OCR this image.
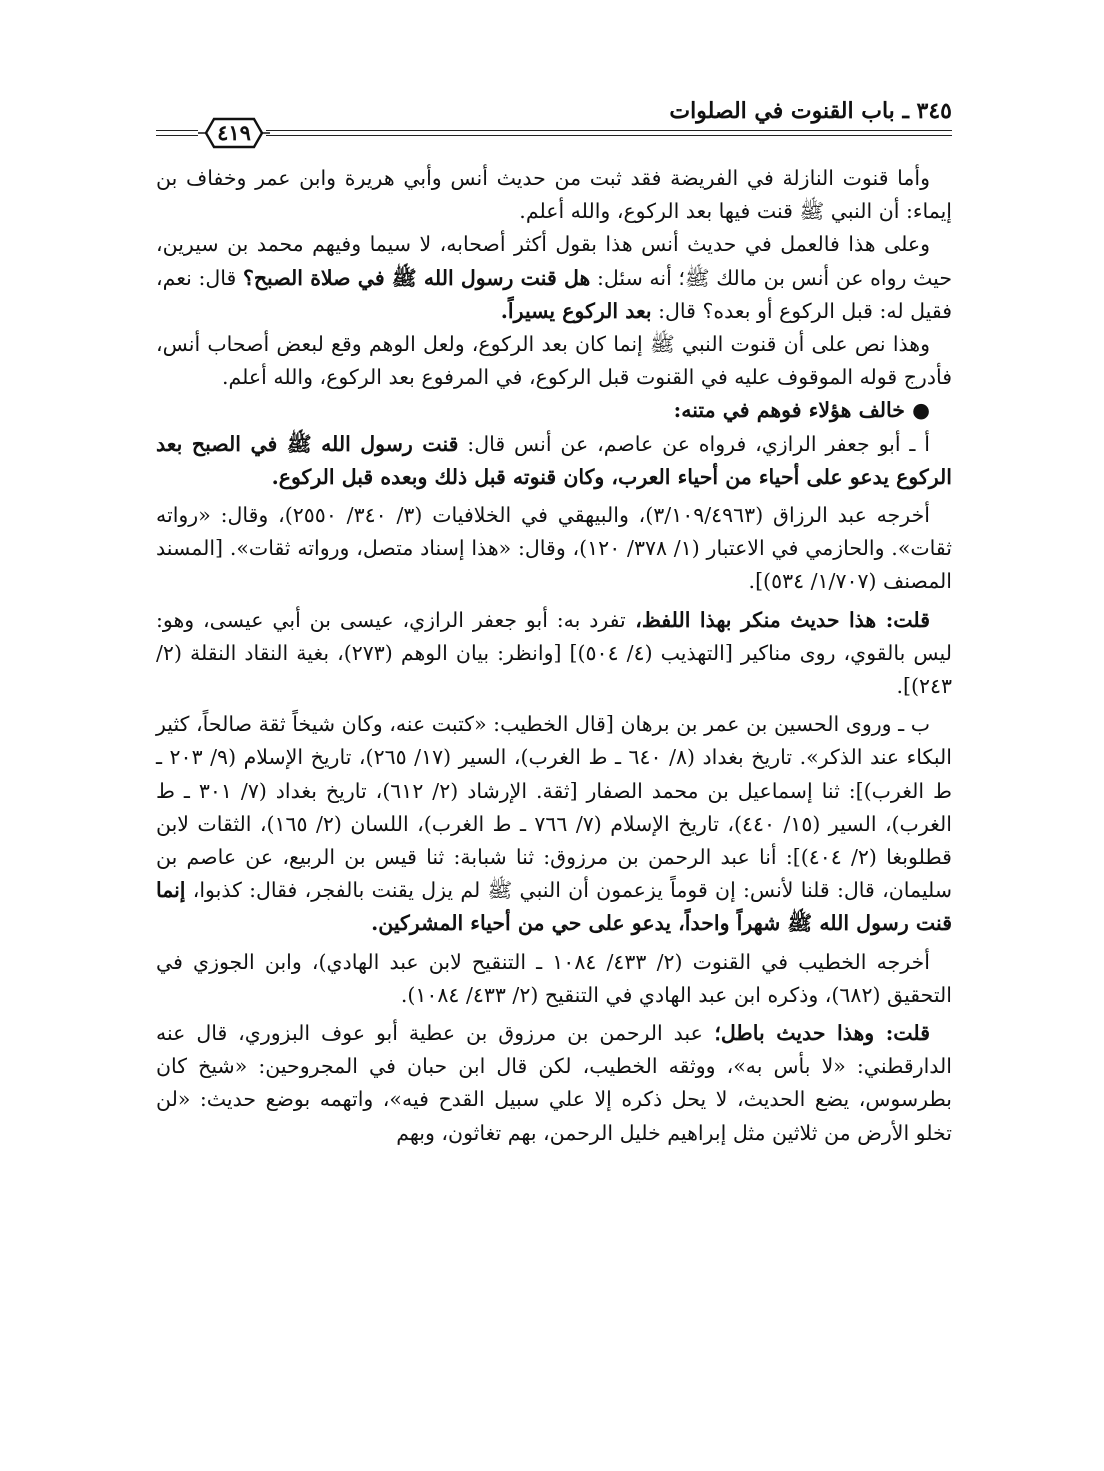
٣٤٥ ـ باب القنوت في الصلوات
٤١٩

وأما قنوت النازلة في الفريضة فقد ثبت من حديث أنس وأبي هريرة وابن عمر وخفاف بن إيماء: أن النبي ﷺ قنت فيها بعد الركوع، والله أعلم.

وعلى هذا فالعمل في حديث أنس هذا بقول أكثر أصحابه، لا سيما وفيهم محمد بن سيرين، حيث رواه عن أنس بن مالك ﷺ؛ أنه سئل: هل قنت رسول الله ﷺ في صلاة الصبح؟ قال: نعم، فقيل له: قبل الركوع أو بعده؟ قال: بعد الركوع يسيراً.

وهذا نص على أن قنوت النبي ﷺ إنما كان بعد الركوع، ولعل الوهم وقع لبعض أصحاب أنس، فأدرج قوله الموقوف عليه في القنوت قبل الركوع، في المرفوع بعد الركوع، والله أعلم.

● خالف هؤلاء فوهم في متنه:

أ ـ أبو جعفر الرازي، فرواه عن عاصم، عن أنس قال: قنت رسول الله ﷺ في الصبح بعد الركوع يدعو على أحياء من أحياء العرب، وكان قنوته قبل ذلك وبعده قبل الركوع.

أخرجه عبد الرزاق (٣/١٠٩/٤٩٦٣)، والبيهقي في الخلافيات (٣/ ٣٤٠/ ٢٥٥٠)، وقال: «رواته ثقات». والحازمي في الاعتبار (١/ ٣٧٨/ ١٢٠)، وقال: «هذا إسناد متصل، ورواته ثقات». [المسند المصنف (١/٧٠٧/ ٥٣٤)].

قلت: هذا حديث منكر بهذا اللفظ، تفرد به: أبو جعفر الرازي، عيسى بن أبي عيسى، وهو: ليس بالقوي، روى مناكير [التهذيب (٤/ ٥٠٤)] [وانظر: بيان الوهم (٢٧٣)، بغية النقاد النقلة (٢/ ٢٤٣)].

ب ـ وروى الحسين بن عمر بن برهان [قال الخطيب: «كتبت عنه، وكان شيخاً ثقة صالحاً، كثير البكاء عند الذكر». تاريخ بغداد (٨/ ٦٤٠ ـ ط الغرب)، السير (١٧/ ٢٦٥)، تاريخ الإسلام (٩/ ٢٠٣ ـ ط الغرب)]: ثنا إسماعيل بن محمد الصفار [ثقة. الإرشاد (٢/ ٦١٢)، تاريخ بغداد (٧/ ٣٠١ ـ ط الغرب)، السير (١٥/ ٤٤٠)، تاريخ الإسلام (٧/ ٧٦٦ ـ ط الغرب)، اللسان (٢/ ١٦٥)، الثقات لابن قطلوبغا (٢/ ٤٠٤)]: أنا عبد الرحمن بن مرزوق: ثنا شبابة: ثنا قيس بن الربيع، عن عاصم بن سليمان، قال: قلنا لأنس: إن قوماً يزعمون أن النبي ﷺ لم يزل يقنت بالفجر، فقال: كذبوا، إنما قنت رسول الله ﷺ شهراً واحداً، يدعو على حي من أحياء المشركين.

أخرجه الخطيب في القنوت (٢/ ٤٣٣/ ١٠٨٤ ـ التنقيح لابن عبد الهادي)، وابن الجوزي في التحقيق (٦٨٢)، وذكره ابن عبد الهادي في التنقيح (٢/ ٤٣٣/ ١٠٨٤).

قلت: وهذا حديث باطل؛ عبد الرحمن بن مرزوق بن عطية أبو عوف البزوري، قال عنه الدارقطني: «لا بأس به»، ووثقه الخطيب، لكن قال ابن حبان في المجروحين: «شيخ كان بطرسوس، يضع الحديث، لا يحل ذكره إلا علي سبيل القدح فيه»، واتهمه بوضع حديث: «لن تخلو الأرض من ثلاثين مثل إبراهيم خليل الرحمن، بهم تغاثون، وبهم
